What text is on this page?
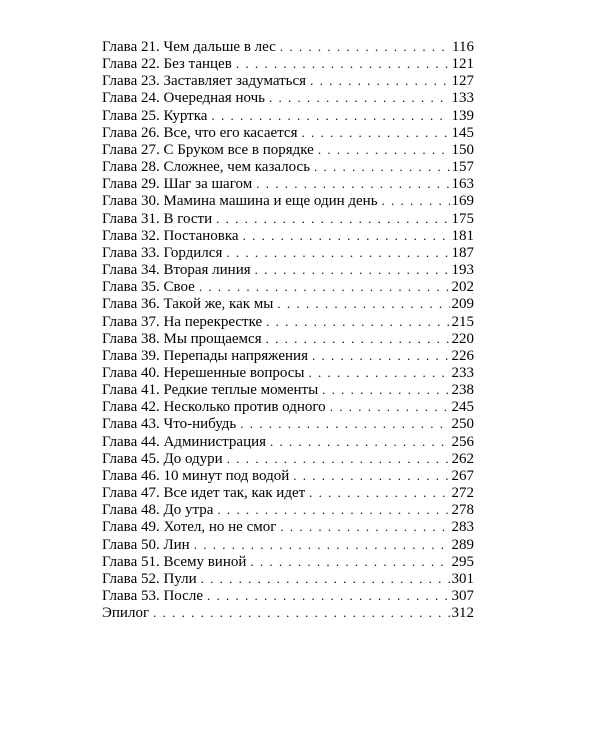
Глава 21. Чем дальше в лес . . .	116
Глава 22. Без танцев . . .	121
Глава 23. Заставляет задуматься . . .	127
Глава 24. Очередная ночь . . .	133
Глава 25. Куртка . . .	139
Глава 26. Все, что его касается . . .	145
Глава 27. С Бруком все в порядке . . .	150
Глава 28. Сложнее, чем казалось . . .	157
Глава 29. Шаг за шагом . . .	163
Глава 30. Мамина машина и еще один день . . .	169
Глава 31. В гости . . .	175
Глава 32. Постановка . . .	181
Глава 33. Гордился . . .	187
Глава 34. Вторая линия . . .	193
Глава 35. Свое . . .	202
Глава 36. Такой же, как мы . . .	209
Глава 37. На перекрестке . . .	215
Глава 38. Мы прощаемся . . .	220
Глава 39. Перепады напряжения . . .	226
Глава 40. Нерешенные вопросы . . .	233
Глава 41. Редкие теплые моменты . . .	238
Глава 42. Несколько против одного . . .	245
Глава 43. Что-нибудь . . .	250
Глава 44. Администрация . . .	256
Глава 45. До одури . . .	262
Глава 46. 10 минут под водой . . .	267
Глава 47. Все идет так, как идет . . .	272
Глава 48. До утра . . .	278
Глава 49. Хотел, но не смог . . .	283
Глава 50. Лин . . .	289
Глава 51. Всему виной . . .	295
Глава 52. Пули . . .	301
Глава 53. После . . .	307
Эпилог . . .	312
